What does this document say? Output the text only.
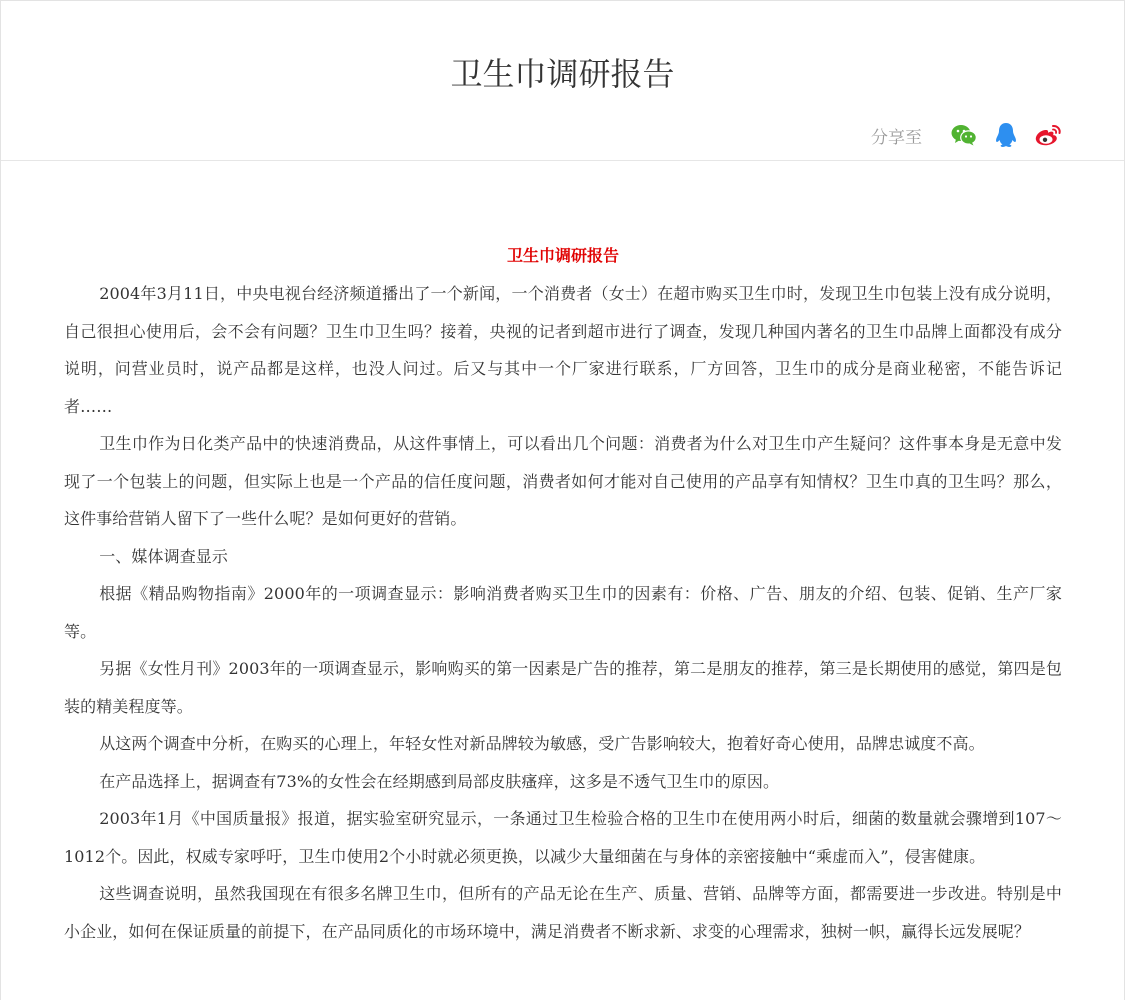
卫生巾调研报告
分享至
卫生巾调研报告

2004年3月11日，中央电视台经济频道播出了一个新闻，一个消费者（女士）在超市购买卫生巾时，发现卫生巾包装上没有成分说明，自己很担心使用后，会不会有问题？卫生巾卫生吗？接着，央视的记者到超市进行了调查，发现几种国内著名的卫生巾品牌上面都没有成分说明，问营业员时，说产品都是这样，也没人问过。后又与其中一个厂家进行联系，厂方回答，卫生巾的成分是商业秘密，不能告诉记者……

卫生巾作为日化类产品中的快速消费品，从这件事情上，可以看出几个问题：消费者为什么对卫生巾产生疑问？这件事本身是无意中发现了一个包装上的问题，但实际上也是一个产品的信任度问题，消费者如何才能对自己使用的产品享有知情权？卫生巾真的卫生吗？那么，这件事给营销人留下了一些什么呢？是如何更好的营销。

一、媒体调查显示

根据《精品购物指南》2000年的一项调查显示：影响消费者购买卫生巾的因素有：价格、广告、朋友的介绍、包装、促销、生产厂家等。

另据《女性月刊》2003年的一项调查显示，影响购买的第一因素是广告的推荐，第二是朋友的推荐，第三是长期使用的感觉，第四是包装的精美程度等。

从这两个调查中分析，在购买的心理上，年轻女性对新品牌较为敏感，受广告影响较大，抱着好奇心使用，品牌忠诚度不高。

在产品选择上，据调查有73%的女性会在经期感到局部皮肤瘙痒，这多是不透气卫生巾的原因。

2003年1月《中国质量报》报道，据实验室研究显示，一条通过卫生检验合格的卫生巾在使用两小时后，细菌的数量就会骤增到107～1012个。因此，权威专家呼吁，卫生巾使用2个小时就必须更换，以减少大量细菌在与身体的亲密接触中“乘虚而入”，侵害健康。

这些调查说明，虽然我国现在有很多名牌卫生巾，但所有的产品无论在生产、质量、营销、品牌等方面，都需要进一步改进。特别是中小企业，如何在保证质量的前提下，在产品同质化的市场环境中，满足消费者不断求新、求变的心理需求，独树一帜，赢得长远发展呢？
